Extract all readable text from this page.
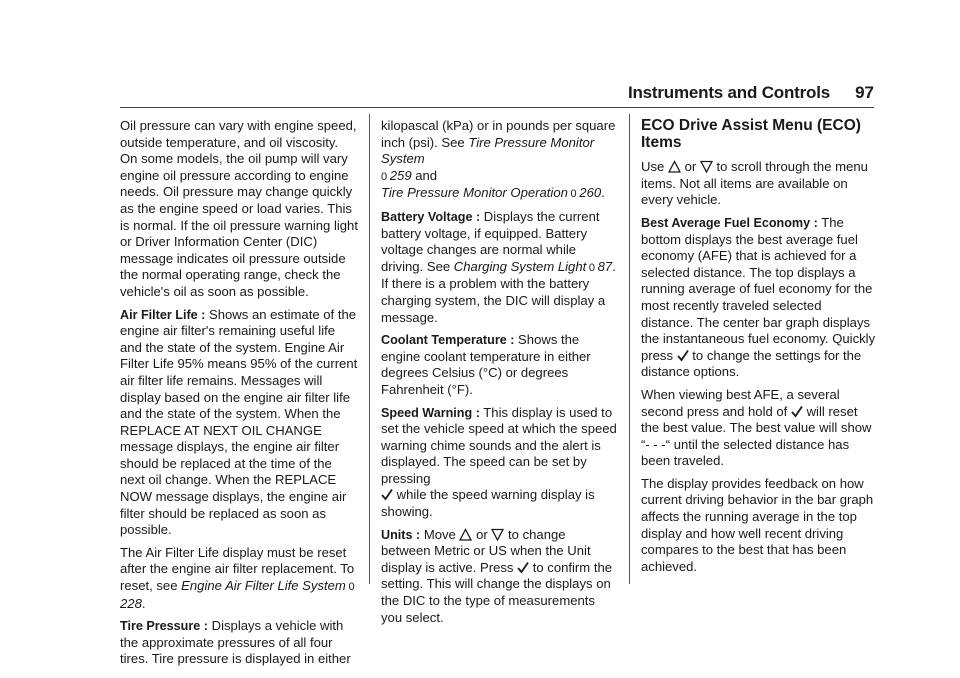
Instruments and Controls 97

Oil pressure can vary with engine speed, outside temperature, and oil viscosity. On some models, the oil pump will vary engine oil pressure according to engine needs. Oil pressure may change quickly as the engine speed or load varies. This is normal. If the oil pressure warning light or Driver Information Center (DIC) message indicates oil pressure outside the normal operating range, check the vehicle's oil as soon as possible.

Air Filter Life : Shows an estimate of the engine air filter's remaining useful life and the state of the system. Engine Air Filter Life 95% means 95% of the current air filter life remains. Messages will display based on the engine air filter life and the state of the system. When the REPLACE AT NEXT OIL CHANGE message displays, the engine air filter should be replaced at the time of the next oil change. When the REPLACE NOW message displays, the engine air filter should be replaced as soon as possible.

The Air Filter Life display must be reset after the engine air filter replacement. To reset, see Engine Air Filter Life System  0 228.

Tire Pressure : Displays a vehicle with the approximate pressures of all four tires. Tire pressure is displayed in either

kilopascal (kPa) or in pounds per square inch (psi). See Tire Pressure Monitor System
0  259 and
Tire Pressure Monitor Operation  0  260.

Battery Voltage : Displays the current battery voltage, if equipped. Battery voltage changes are normal while driving. See Charging System Light  0  87. If there is a problem with the battery charging system, the DIC will display a message.

Coolant Temperature : Shows the engine coolant temperature in either degrees Celsius (°C) or degrees Fahrenheit (°F).

Speed Warning : This display is used to set the vehicle speed at which the speed warning chime sounds and the alert is displayed. The speed can be set by pressing
while the speed warning display is showing.

Units : Move  or  to change between Metric or US when the Unit display is active. Press  to confirm the setting. This will change the displays on the DIC to the type of measurements you select.

ECO Drive Assist Menu (ECO) Items

Use  or  to scroll through the menu items. Not all items are available on every vehicle.

Best Average Fuel Economy : The bottom displays the best average fuel economy (AFE) that is achieved for a selected distance. The top displays a running average of fuel economy for the most recently traveled selected distance. The center bar graph displays the instantaneous fuel economy. Quickly press  to change the settings for the distance options.

When viewing best AFE, a several second press and hold of  will reset the best value. The best value will show “- - -“ until the selected distance has been traveled.

The display provides feedback on how current driving behavior in the bar graph affects the running average in the top display and how well recent driving compares to the best that has been achieved.
